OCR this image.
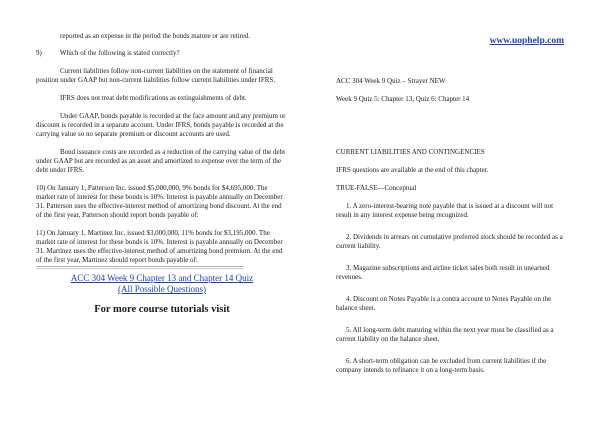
reported as an expense in the period the bonds mature or are retired.

9)	Which of the following is stated correctly?

Current liabilities follow non-current liabilities on the statement of financial position under GAAP but non-current liabilities follow current liabilities under IFRS.

IFRS does not treat debt modifications as extinguishments of debt.

Under GAAP, bonds payable is recorded at the face amount and any premium or discount is recorded in a separate account. Under IFRS, bonds payable is recorded at the carrying value so no separate premium or discount accounts are used.

Bond issuance costs are recorded as a reduction of the carrying value of the debt under GAAP but are recorded as an asset and amortized to expense over the term of the debt under IFRS.

10) On January 1, Patterson Inc. issued $5,000,000, 9% bonds for $4,695,000. The market rate of interest for these bonds is 10%. Interest is payable annually on December 31. Patterson uses the effective-interest method of amortizing bond discount. At the end of the first year, Patterson should report bonds payable of:

11) On January 1, Martinez Inc. issued $3,000,000, 11% bonds for $3,195,000. The market rate of interest for these bonds is 10%. Interest is payable annually on December 31. Martinez uses the effective-interest method of amortizing bond premium. At the end of the first year, Martinez should report bonds payable of:

============================================================
ACC 304 Week 9 Chapter 13 and Chapter 14 Quiz (All Possible Questions)
For more course tutorials visit
www.uophelp.com

ACC 304 Week 9 Quiz – Strayer NEW

Week 9 Quiz 5: Chapter 13, Quiz 6: Chapter 14

CURRENT LIABILITIES AND CONTINGENCIES

IFRS questions are available at the end of this chapter.

TRUE-FALSE—Conceptual

1. A zero-interest-bearing note payable that is issued at a discount will not result in any interest expense being recognized.

2. Dividends in arrears on cumulative preferred stock should be recorded as a current liability.

3. Magazine subscriptions and airline ticket sales both result in unearned revenues.

4. Discount on Notes Payable is a contra account to Notes Payable on the balance sheet.

5. All long-term debt maturing within the next year must be classified as a current liability on the balance sheet.

6. A short-term obligation can be excluded from current liabilities if the company intends to refinance it on a long-term basis.
